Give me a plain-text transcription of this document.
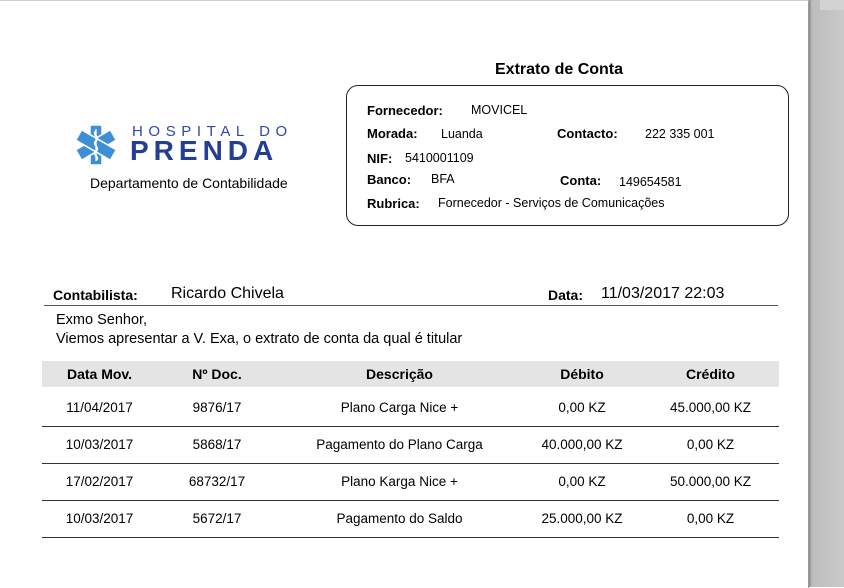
HOSPITAL DO
PRENDA
Departamento de Contabilidade
Extrato de Conta
Fornecedor: MOVICEL
Morada: Luanda	Contacto: 222 335 001
NIF: 5410001109
Banco: BFA	Conta: 149654581
Rubrica: Fornecedor - Serviços de Comunicações
Contabilista: Ricardo Chivela	Data: 11/03/2017 22:03
Exmo Senhor,
Viemos apresentar a V. Exa, o extrato de conta da qual é titular
Data Mov.	Nº Doc.	Descrição	Débito	Crédito
11/04/2017	9876/17	Plano Carga Nice +	0,00 KZ	45.000,00 KZ
10/03/2017	5868/17	Pagamento do Plano Carga	40.000,00 KZ	0,00 KZ
17/02/2017	68732/17	Plano Karga Nice +	0,00 KZ	50.000,00 KZ
10/03/2017	5672/17	Pagamento do Saldo	25.000,00 KZ	0,00 KZ
